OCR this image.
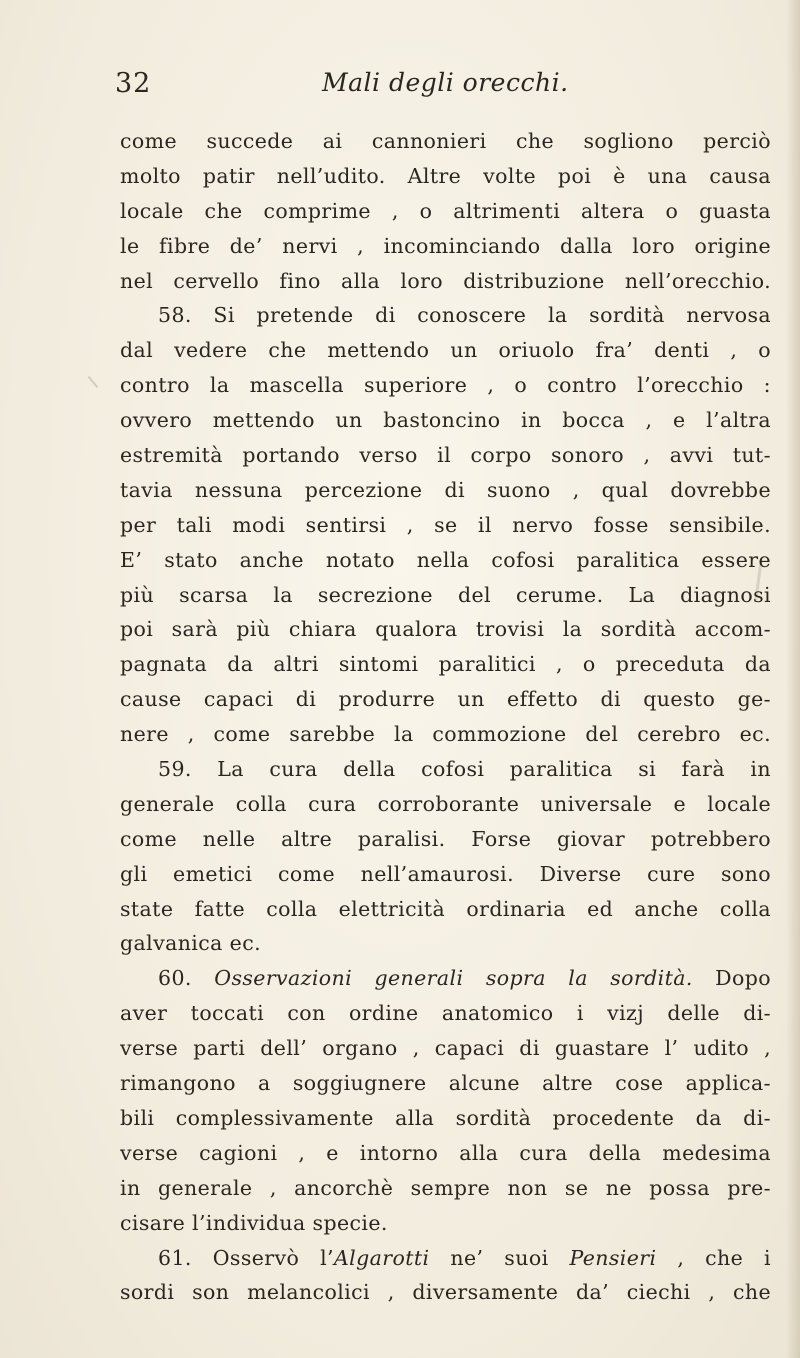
32	Mali degli orecchi.
come succede ai cannonieri che sogliono perciò
molto patir nell’udito. Altre volte poi è una causa
locale che comprime , o altrimenti altera o guasta
le fibre de’ nervi , incominciando dalla loro origine
nel cervello fino alla loro distribuzione nell’orecchio.
58. Si pretende di conoscere la sordità nervosa
dal vedere che mettendo un oriuolo fra’ denti , o
contro la mascella superiore , o contro l’orecchio :
ovvero mettendo un bastoncino in bocca , e l’altra
estremità portando verso il corpo sonoro , avvi tut-
tavia nessuna percezione di suono , qual dovrebbe
per tali modi sentirsi , se il nervo fosse sensibile.
E’ stato anche notato nella cofosi paralitica essere
più scarsa la secrezione del cerume. La diagnosi
poi sarà più chiara qualora trovisi la sordità accom-
pagnata da altri sintomi paralitici , o preceduta da
cause capaci di produrre un effetto di questo ge-
nere , come sarebbe la commozione del cerebro ec.
59. La cura della cofosi paralitica si farà in
generale colla cura corroborante universale e locale
come nelle altre paralisi. Forse giovar potrebbero
gli emetici come nell’amaurosi. Diverse cure sono
state fatte colla elettricità ordinaria ed anche colla
galvanica ec.
60. Osservazioni generali sopra la sordità. Dopo
aver toccati con ordine anatomico i vizj delle di-
verse parti dell’ organo , capaci di guastare l’ udito ,
rimangono a soggiugnere alcune altre cose applica-
bili complessivamente alla sordità procedente da di-
verse cagioni , e intorno alla cura della medesima
in generale , ancorchè sempre non se ne possa pre-
cisare l’individua specie.
61. Osservò l’Algarotti ne’ suoi Pensieri , che i
sordi son melancolici , diversamente da’ ciechi , che
